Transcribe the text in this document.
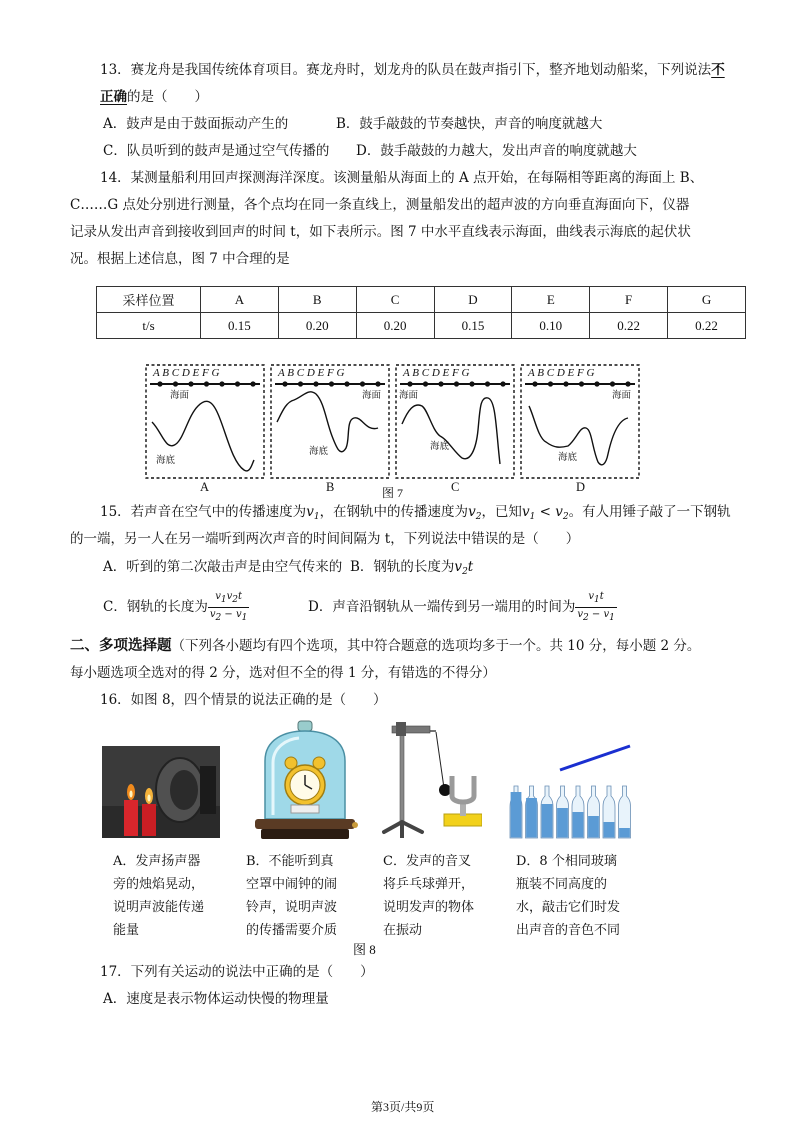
13．赛龙舟是我国传统体育项目。赛龙舟时，划龙舟的队员在鼓声指引下，整齐地划动船桨，下列说法不
正确的是（　　）
A．鼓声是由于鼓面振动产生的	B．鼓手敲鼓的节奏越快，声音的响度就越大
C．队员听到的鼓声是通过空气传播的 D．鼓手敲鼓的力越大，发出声音的响度就越大
14．某测量船利用回声探测海洋深度。该测量船从海面上的 A 点开始，在每隔相等距离的海面上 B、
C……G 点处分别进行测量，各个点均在同一条直线上，测量船发出的超声波的方向垂直海面向下，仪器
记录从发出声音到接收到回声的时间 t，如下表所示。图 7 中水平直线表示海面，曲线表示海底的起伏状
况。根据上述信息，图 7 中合理的是
采样位置	A	B	C	D	E	F	G
t/s	0.15	0.20	0.20	0.15	0.10	0.22	0.22
A B C D E F G	A B C D E F G	A B C D E F G	A B C D E F G
海面	海面 海面	海面
海底
海底	海底
海底
A	B	C	D
图 7
15．若声音在空气中的传播速度为$v_1$，在钢轨中的传播速度为$v_2$，已知$v_1 < v_2$。有人用锤子敲了一下钢轨
的一端，另一人在另一端听到两次声音的时间间隔为 t，下列说法中错误的是（　　）
A．听到的第二次敲击声是由空气传来的 B．钢轨的长度为$v_2t$
C．钢轨的长度为 $\frac{v_1v_2t}{v_2 - v_1}$	D．声音沿钢轨从一端传到另一端用的时间为 $\frac{v_1t}{v_2 - v_1}$
二、多项选择题（下列各小题均有四个选项，其中符合题意的选项均多于一个。共 10 分，每小题 2 分。
每小题选项全选对的得 2 分，选对但不全的得 1 分，有错选的不得分）
16．如图 8，四个情景的说法正确的是（　　）
A．发声扬声器
旁的烛焰晃动，
说明声波能传递
能量
B．不能听到真
空罩中闹钟的闹
铃声，说明声波
的传播需要介质
C．发声的音叉
将乒乓球弹开，
说明发声的物体
在振动
D．8 个相同玻璃
瓶装不同高度的
水，敲击它们时发
出声音的音色不同
图 8
17．下列有关运动的说法中正确的是（　　）
A．速度是表示物体运动快慢的物理量
第3页/共9页
